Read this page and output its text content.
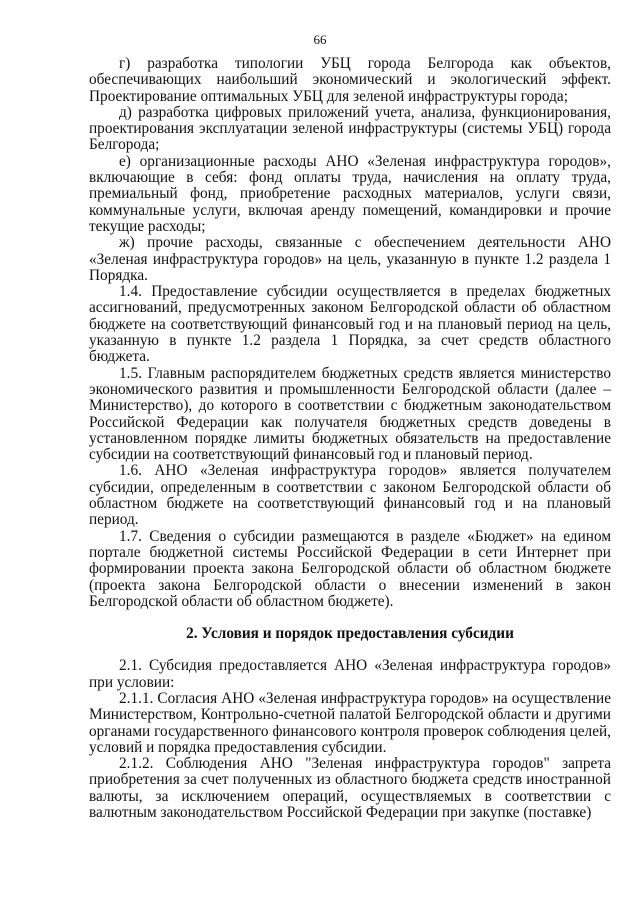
66

г) разработка типологии УБЦ города Белгорода как объектов, обеспечивающих наибольший экономический и экологический эффект. Проектирование оптимальных УБЦ для зеленой инфраструктуры города;

д) разработка цифровых приложений учета, анализа, функционирования, проектирования эксплуатации зеленой инфраструктуры (системы УБЦ) города Белгорода;

е) организационные расходы АНО «Зеленая инфраструктура городов», включающие в себя: фонд оплаты труда, начисления на оплату труда, премиальный фонд, приобретение расходных материалов, услуги связи, коммунальные услуги, включая аренду помещений, командировки и прочие текущие расходы;

ж) прочие расходы, связанные с обеспечением деятельности АНО «Зеленая инфраструктура городов» на цель, указанную в пункте 1.2 раздела 1 Порядка.

1.4. Предоставление субсидии осуществляется в пределах бюджетных ассигнований, предусмотренных законом Белгородской области об областном бюджете на соответствующий финансовый год и на плановый период на цель, указанную в пункте 1.2 раздела 1 Порядка, за счет средств областного бюджета.

1.5. Главным распорядителем бюджетных средств является министерство экономического развития и промышленности Белгородской области (далее – Министерство), до которого в соответствии с бюджетным законодательством Российской Федерации как получателя бюджетных средств доведены в установленном порядке лимиты бюджетных обязательств на предоставление субсидии на соответствующий финансовый год и плановый период.

1.6. АНО «Зеленая инфраструктура городов» является получателем субсидии, определенным в соответствии с законом Белгородской области об областном бюджете на соответствующий финансовый год и на плановый период.

1.7. Сведения о субсидии размещаются в разделе «Бюджет» на едином портале бюджетной системы Российской Федерации в сети Интернет при формировании проекта закона Белгородской области об областном бюджете (проекта закона Белгородской области о внесении изменений в закон Белгородской области об областном бюджете).

2. Условия и порядок предоставления субсидии

2.1. Субсидия предоставляется АНО «Зеленая инфраструктура городов» при условии:

2.1.1. Согласия АНО «Зеленая инфраструктура городов» на осуществление Министерством, Контрольно-счетной палатой Белгородской области и другими органами государственного финансового контроля проверок соблюдения целей, условий и порядка предоставления субсидии.

2.1.2. Соблюдения АНО "Зеленая инфраструктура городов" запрета приобретения за счет полученных из областного бюджета средств иностранной валюты, за исключением операций, осуществляемых в соответствии с валютным законодательством Российской Федерации при закупке (поставке)
